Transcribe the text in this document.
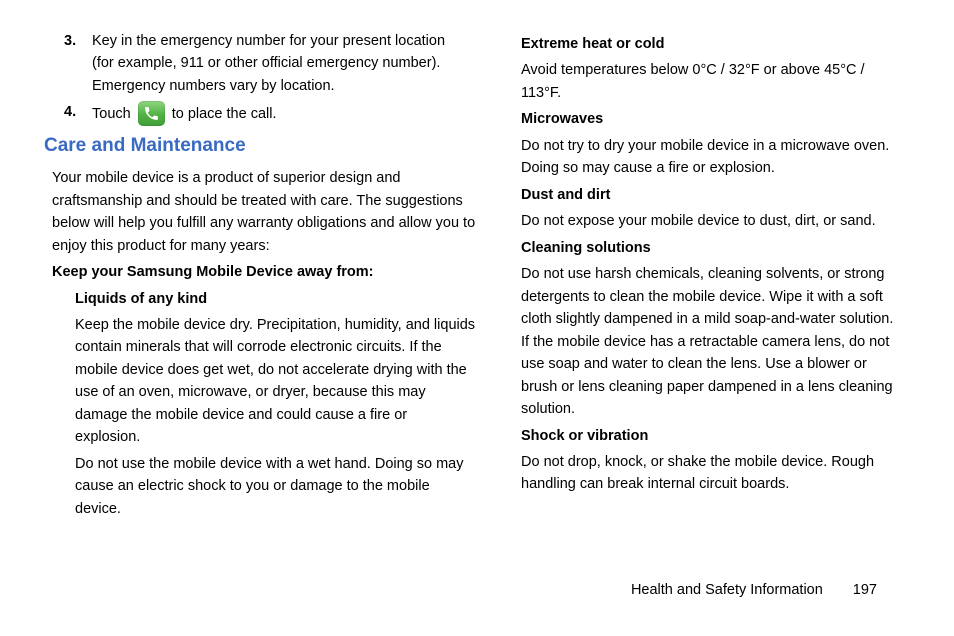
3.	Key in the emergency number for your present location (for example, 911 or other official emergency number). Emergency numbers vary by location.
4.	Touch	to place the call.
Care and Maintenance

Your mobile device is a product of superior design and craftsmanship and should be treated with care. The suggestions below will help you fulfill any warranty obligations and allow you to enjoy this product for many years:

Keep your Samsung Mobile Device away from:

Liquids of any kind

Keep the mobile device dry. Precipitation, humidity, and liquids contain minerals that will corrode electronic circuits. If the mobile device does get wet, do not accelerate drying with the use of an oven, microwave, or dryer, because this may damage the mobile device and could cause a fire or explosion.

Do not use the mobile device with a wet hand. Doing so may cause an electric shock to you or damage to the mobile device.

Extreme heat or cold

Avoid temperatures below 0°C / 32°F or above 45°C / 113°F.

Microwaves

Do not try to dry your mobile device in a microwave oven. Doing so may cause a fire or explosion.

Dust and dirt

Do not expose your mobile device to dust, dirt, or sand.

Cleaning solutions

Do not use harsh chemicals, cleaning solvents, or strong detergents to clean the mobile device. Wipe it with a soft cloth slightly dampened in a mild soap-and-water solution. If the mobile device has a retractable camera lens, do not use soap and water to clean the lens. Use a blower or brush or lens cleaning paper dampened in a lens cleaning solution.

Shock or vibration

Do not drop, knock, or shake the mobile device. Rough handling can break internal circuit boards.

Health and Safety Information 197
